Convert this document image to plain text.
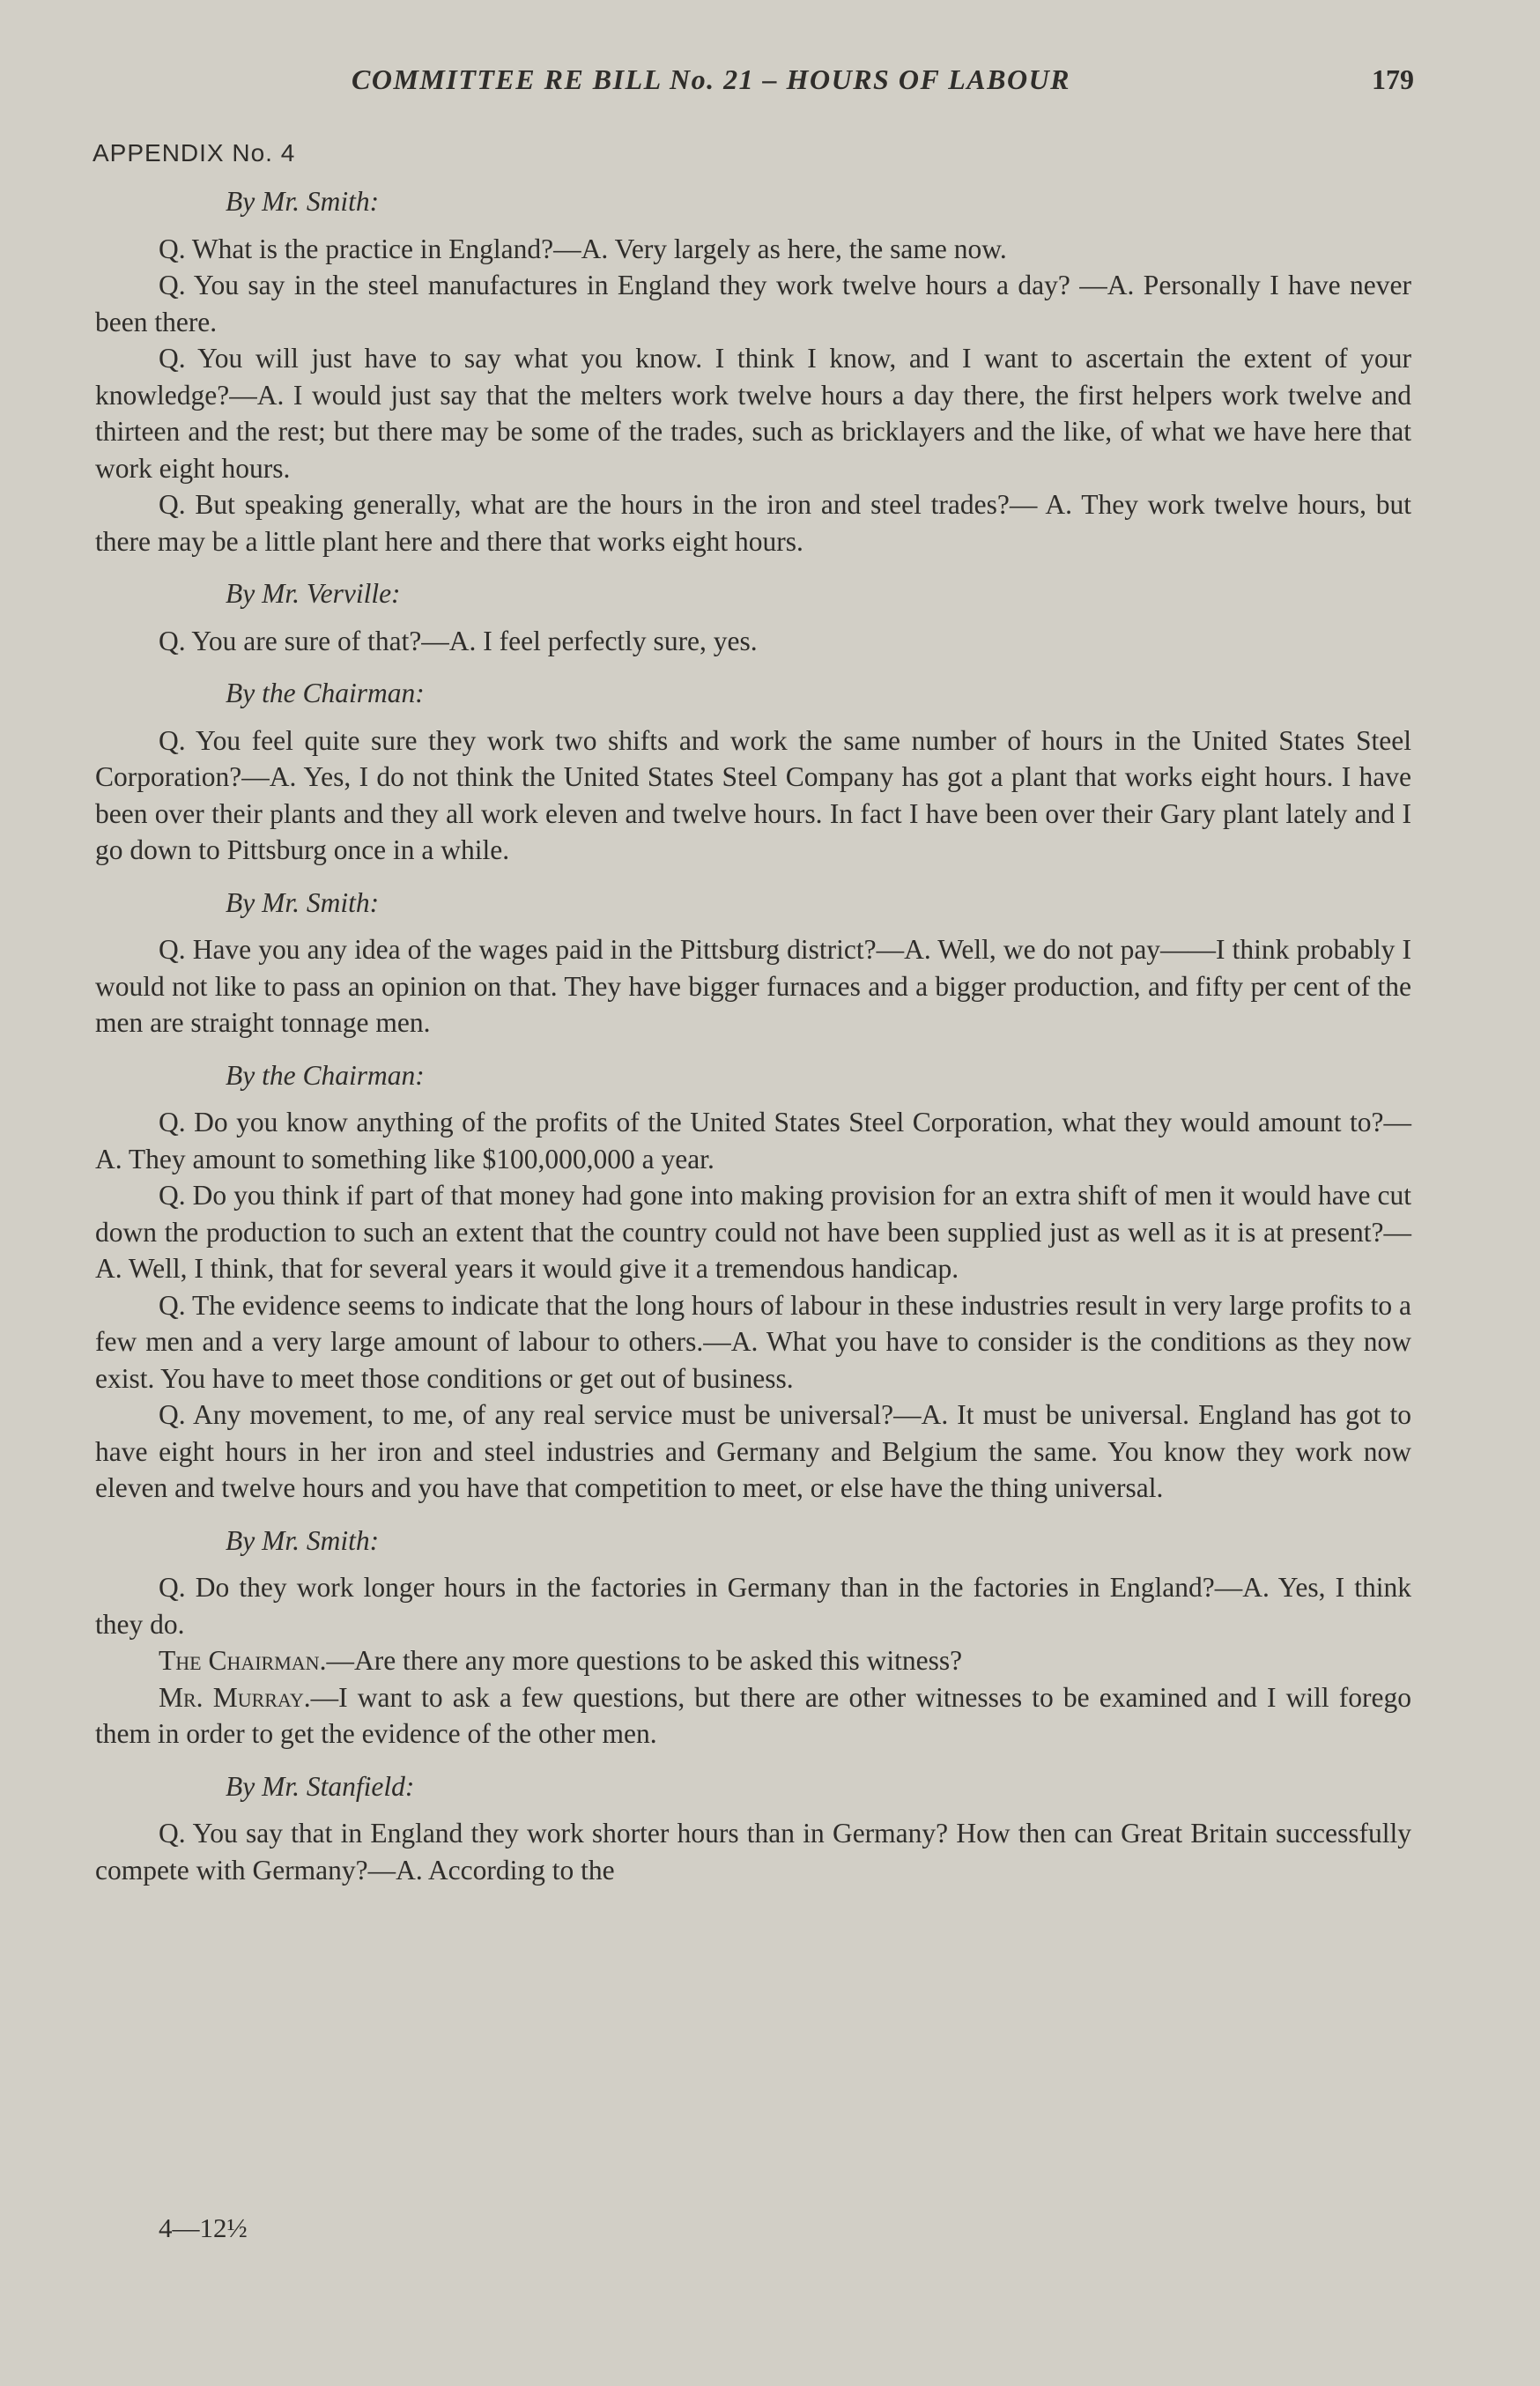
COMMITTEE RE BILL No. 21 – HOURS OF LABOUR	179
APPENDIX No. 4
By Mr. Smith:

Q. What is the practice in England?—A. Very largely as here, the same now.

Q. You say in the steel manufactures in England they work twelve hours a day? —A. Personally I have never been there.

Q. You will just have to say what you know. I think I know, and I want to ascertain the extent of your knowledge?—A. I would just say that the melters work twelve hours a day there, the first helpers work twelve and thirteen and the rest; but there may be some of the trades, such as bricklayers and the like, of what we have here that work eight hours.

Q. But speaking generally, what are the hours in the iron and steel trades?— A. They work twelve hours, but there may be a little plant here and there that works eight hours.

By Mr. Verville:

Q. You are sure of that?—A. I feel perfectly sure, yes.

By the Chairman:

Q. You feel quite sure they work two shifts and work the same number of hours in the United States Steel Corporation?—A. Yes, I do not think the United States Steel Company has got a plant that works eight hours. I have been over their plants and they all work eleven and twelve hours. In fact I have been over their Gary plant lately and I go down to Pittsburg once in a while.

By Mr. Smith:

Q. Have you any idea of the wages paid in the Pittsburg district?—A. Well, we do not pay——I think probably I would not like to pass an opinion on that. They have bigger furnaces and a bigger production, and fifty per cent of the men are straight tonnage men.

By the Chairman:

Q. Do you know anything of the profits of the United States Steel Corporation, what they would amount to?—A. They amount to something like $100,000,000 a year.

Q. Do you think if part of that money had gone into making provision for an extra shift of men it would have cut down the production to such an extent that the country could not have been supplied just as well as it is at present?—A. Well, I think, that for several years it would give it a tremendous handicap.

Q. The evidence seems to indicate that the long hours of labour in these industries result in very large profits to a few men and a very large amount of labour to others.—A. What you have to consider is the conditions as they now exist. You have to meet those conditions or get out of business.

Q. Any movement, to me, of any real service must be universal?—A. It must be universal. England has got to have eight hours in her iron and steel industries and Germany and Belgium the same. You know they work now eleven and twelve hours and you have that competition to meet, or else have the thing universal.

By Mr. Smith:

Q. Do they work longer hours in the factories in Germany than in the factories in England?—A. Yes, I think they do.

The Chairman.—Are there any more questions to be asked this witness?

Mr. Murray.—I want to ask a few questions, but there are other witnesses to be examined and I will forego them in order to get the evidence of the other men.

By Mr. Stanfield:

Q. You say that in England they work shorter hours than in Germany? How then can Great Britain successfully compete with Germany?—A. According to the

4—12½
